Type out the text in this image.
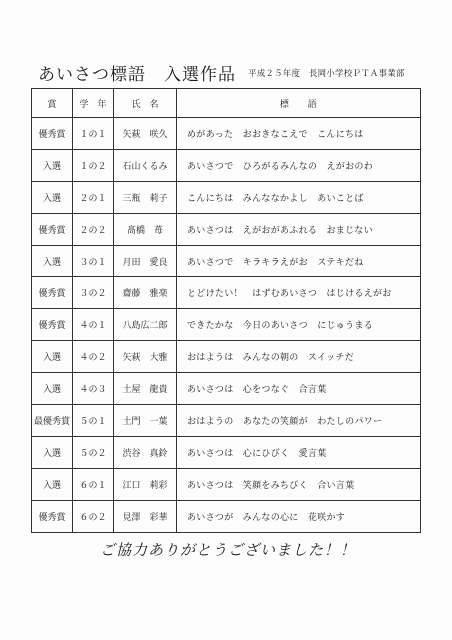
あいさつ標語　入選作品 平成２５年度　長岡小学校ＰＴＡ事業部
賞	学　年	氏　名	標　　語
優秀賞	１の１	矢萩　咲久	めがあった　おおきなこえで　こんにちは
入選	１の２	石山くるみ	あいさつで　ひろがるみんなの　えがおのわ
入選	２の１	三瓶　莉子	こんにちは　みんななかよし　あいことば
優秀賞	２の２	髙橋　苺	あいさつは　えがおがあふれる　おまじない
入選	３の１	月田　愛良	あいさつで　キラキラえがお　ステキだね
優秀賞	３の２	齋藤　雅楽	とどけたい！　はずむあいさつ　はじけるえがお
優秀賞	４の１	八島広二郎	できたかな　今日のあいさつ　にじゅうまる
入選	４の２	矢萩　大雅	おはようは　みんなの朝の　スイッチだ
入選	４の３	土屋　龍貴	あいさつは　心をつなぐ　合言葉
最優秀賞	５の１	土門　一葉	おはようの　あなたの笑顔が　わたしのパワー
入選	５の２	渋谷　真鈴	あいさつは　心にひびく　愛言葉
入選	６の１	江口　莉彩	あいさつは　笑顔をみちびく　合い言葉
優秀賞	６の２	見澤　彩華	あいさつが　みんなの心に　花咲かす
ご協力ありがとうございました！！
